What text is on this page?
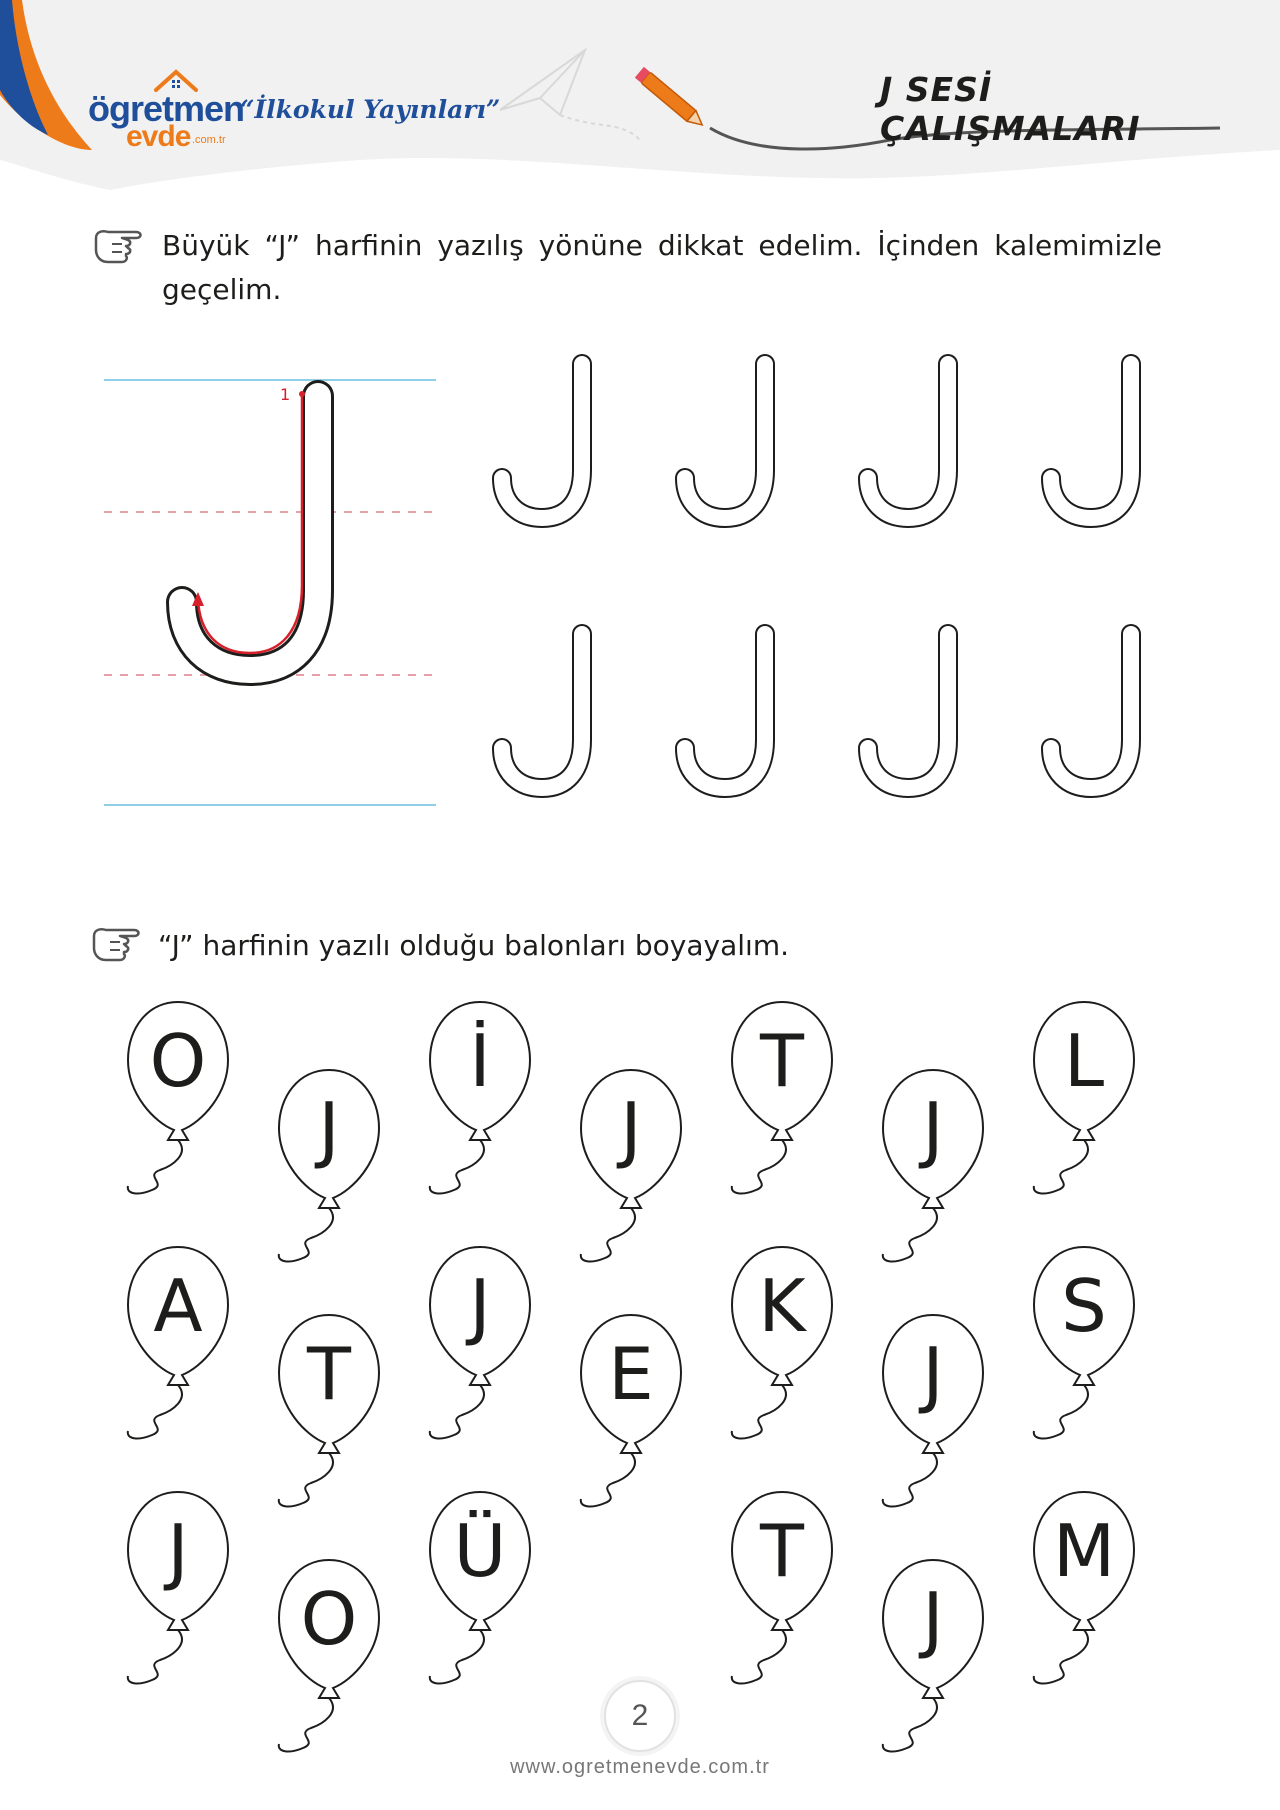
ögretmen
evde .com.tr
“İlkokul Yayınları”
J SESİ ÇALIŞMALARI
Büyük “J” harfinin yazılış yönüne dikkat edelim. İçinden kalemimizle geçelim.
1
“J” harfinin yazılı olduğu balonları boyayalım.
O
J
İ
J
T
J
L
A
T
J
E
K
J
S
J
O
Ü	T
J
M
2
www.ogretmenevde.com.tr
